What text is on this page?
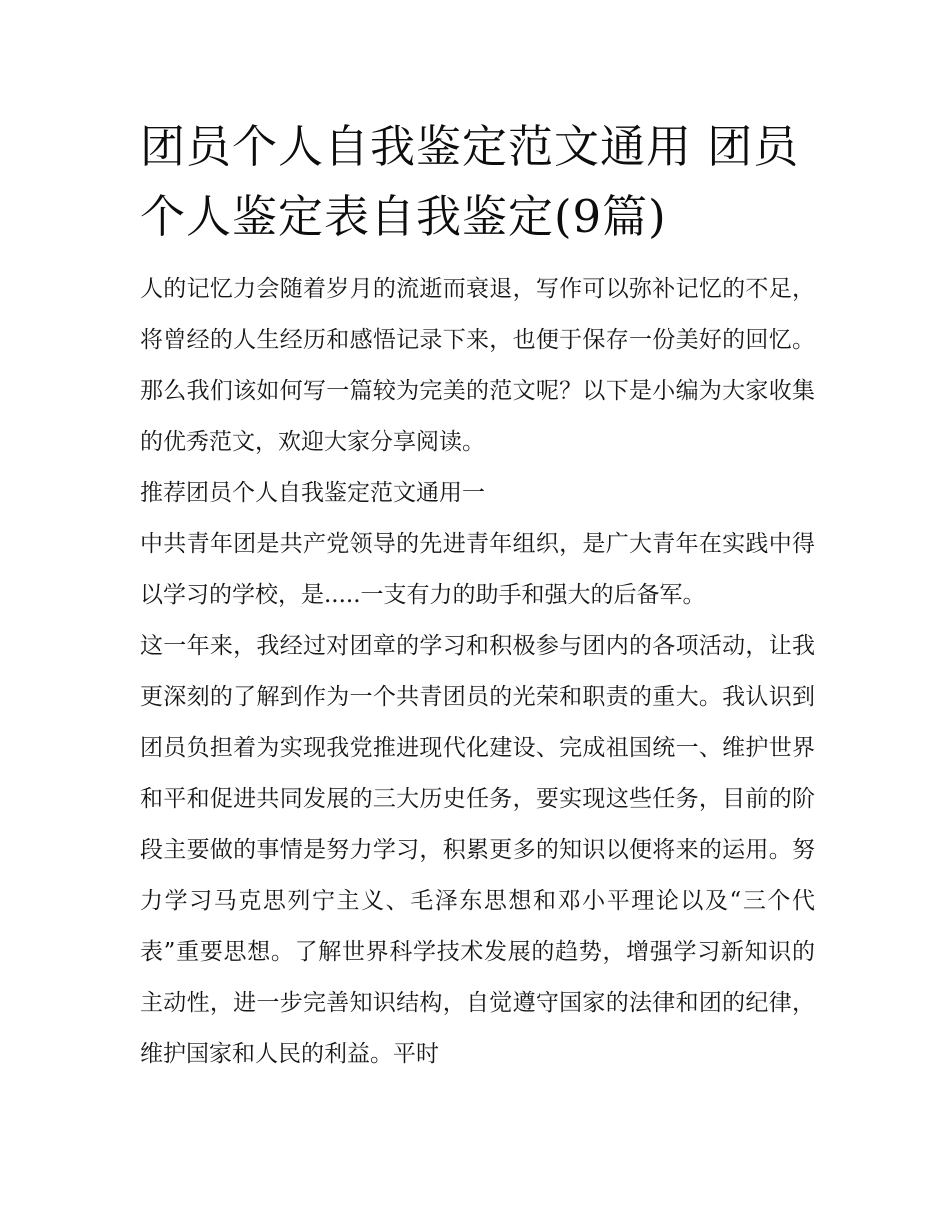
团员个人自我鉴定范文通用 团员个人鉴定表自我鉴定(9篇)

人的记忆力会随着岁月的流逝而衰退，写作可以弥补记忆的不足，将曾经的人生经历和感悟记录下来，也便于保存一份美好的回忆。那么我们该如何写一篇较为完美的范文呢？以下是小编为大家收集的优秀范文，欢迎大家分享阅读。

推荐团员个人自我鉴定范文通用一

中共青年团是共产党领导的先进青年组织，是广大青年在实践中得以学习的学校，是.....一支有力的助手和强大的后备军。

这一年来，我经过对团章的学习和积极参与团内的各项活动，让我更深刻的了解到作为一个共青团员的光荣和职责的重大。我认识到团员负担着为实现我党推进现代化建设、完成祖国统一、维护世界和平和促进共同发展的三大历史任务，要实现这些任务，目前的阶段主要做的事情是努力学习，积累更多的知识以便将来的运用。努力学习马克思列宁主义、毛泽东思想和邓小平理论以及“三个代表”重要思想。了解世界科学技术发展的趋势，增强学习新知识的主动性，进一步完善知识结构，自觉遵守国家的法律和团的纪律，维护国家和人民的利益。平时
